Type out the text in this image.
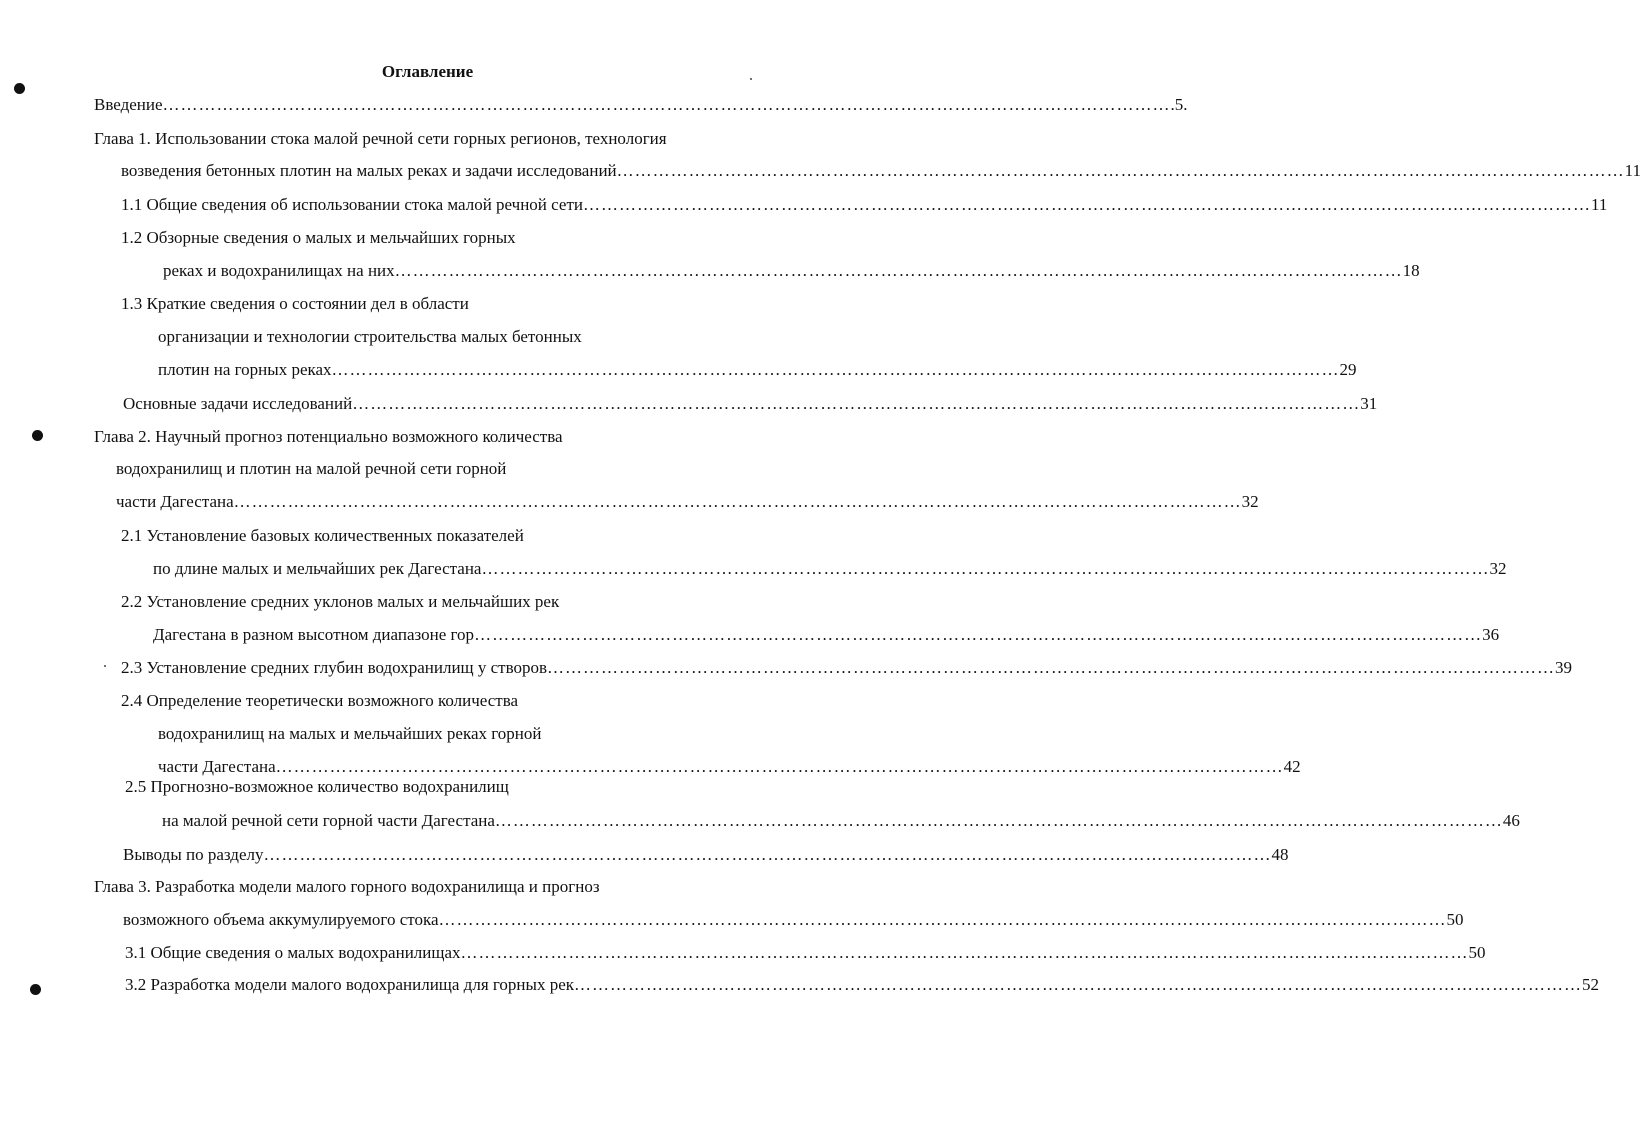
Оглавление
Введение …………………………………………………………………………………………………………………………………………………… .5.
Глава 1. Использовании стока малой речной сети горных регионов, технология
возведения бетонных плотин на малых реках и задачи исследований …………………………………………………………………………………………………………………………………………………… 11
1.1 Общие сведения об использовании стока малой речной сети …………………………………………………………………………………………………………………………………………………… 11
1.2 Обзорные сведения о малых и мельчайших горных
реках и водохранилищах на них …………………………………………………………………………………………………………………………………………………… 18
1.3 Краткие сведения о состоянии дел в области
организации и технологии строительства малых бетонных
плотин на горных реках …………………………………………………………………………………………………………………………………………………… 29
Основные задачи исследований …………………………………………………………………………………………………………………………………………………… 31
Глава 2. Научный прогноз потенциально возможного количества
водохранилищ и плотин на малой речной сети горной
части Дагестана …………………………………………………………………………………………………………………………………………………… 32
2.1 Установление базовых количественных показателей
по длине малых и мельчайших рек Дагестана …………………………………………………………………………………………………………………………………………………… 32
2.2 Установление средних уклонов малых и мельчайших рек
Дагестана в разном высотном диапазоне гор …………………………………………………………………………………………………………………………………………………… 36
2.3 Установление средних глубин водохранилищ у створов …………………………………………………………………………………………………………………………………………………… 39
2.4 Определение теоретически возможного количества
водохранилищ на малых и мельчайших реках горной
части Дагестана …………………………………………………………………………………………………………………………………………………… 42
2.5 Прогнозно-возможное количество водохранилищ
на малой речной сети горной части Дагестана …………………………………………………………………………………………………………………………………………………… 46
Выводы по разделу …………………………………………………………………………………………………………………………………………………… 48
Глава 3. Разработка модели малого горного водохранилища и прогноз
возможного объема аккумулируемого стока …………………………………………………………………………………………………………………………………………………… 50
3.1 Общие сведения о малых водохранилищах …………………………………………………………………………………………………………………………………………………… 50
3.2 Разработка модели малого водохранилища для горных рек …………………………………………………………………………………………………………………………………………………… 52
